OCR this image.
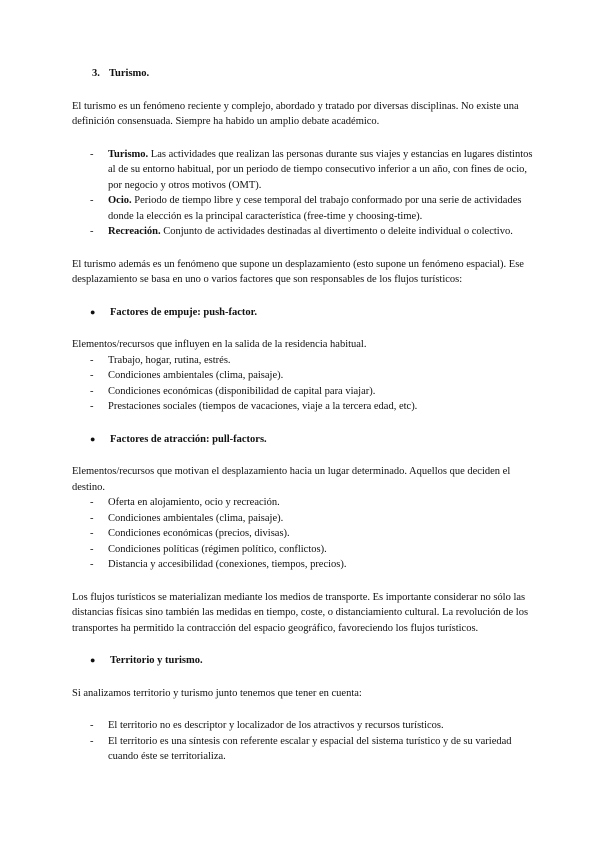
3. Turismo.

El turismo es un fenómeno reciente y complejo, abordado y tratado por diversas disciplinas. No existe una definición consensuada. Siempre ha habido un amplio debate académico.

- Turismo. Las actividades que realizan las personas durante sus viajes y estancias en lugares distintos al de su entorno habitual, por un periodo de tiempo consecutivo inferior a un año, con fines de ocio, por negocio y otros motivos (OMT).
- Ocio. Periodo de tiempo libre y cese temporal del trabajo conformado por una serie de actividades donde la elección es la principal característica (free-time y choosing-time).
- Recreación. Conjunto de actividades destinadas al divertimento o deleite individual o colectivo.

El turismo además es un fenómeno que supone un desplazamiento (esto supone un fenómeno espacial). Ese desplazamiento se basa en uno o varios factores que son responsables de los flujos turísticos:

● Factores de empuje: push-factor.

Elementos/recursos que influyen en la salida de la residencia habitual.

- Trabajo, hogar, rutina, estrés.
- Condiciones ambientales (clima, paisaje).
- Condiciones económicas (disponibilidad de capital para viajar).
- Prestaciones sociales (tiempos de vacaciones, viaje a la tercera edad, etc).

● Factores de atracción: pull-factors.

Elementos/recursos que motivan el desplazamiento hacia un lugar determinado. Aquellos que deciden el destino.

- Oferta en alojamiento, ocio y recreación.
- Condiciones ambientales (clima, paisaje).
- Condiciones económicas (precios, divisas).
- Condiciones políticas (régimen político, conflictos).
- Distancia y accesibilidad (conexiones, tiempos, precios).

Los flujos turísticos se materializan mediante los medios de transporte. Es importante considerar no sólo las distancias físicas sino también las medidas en tiempo, coste, o distanciamiento cultural. La revolución de los transportes ha permitido la contracción del espacio geográfico, favoreciendo los flujos turísticos.

● Territorio y turismo.

Si analizamos territorio y turismo junto tenemos que tener en cuenta:

- El territorio no es descriptor y localizador de los atractivos y recursos turísticos.
- El territorio es una síntesis con referente escalar y espacial del sistema turístico y de su variedad cuando éste se territorializa.
